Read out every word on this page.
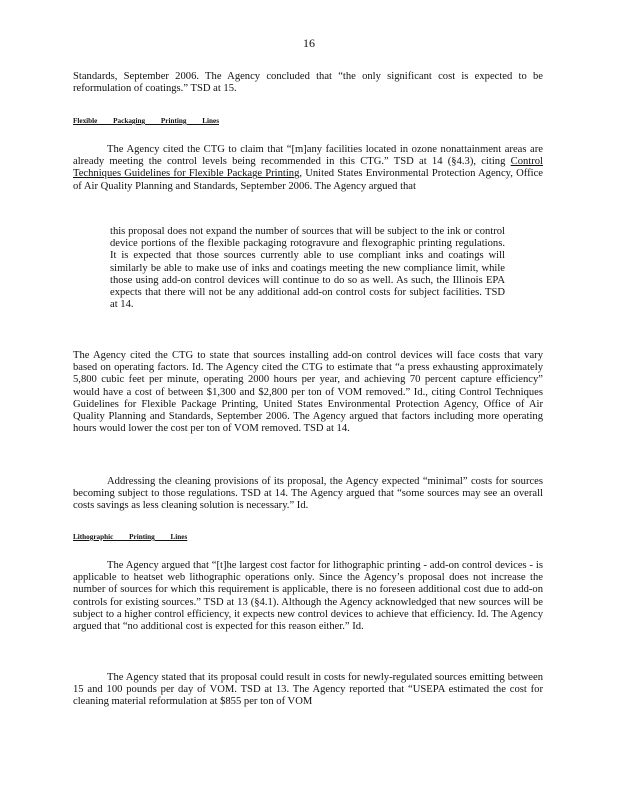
16
Standards, September 2006. The Agency concluded that “the only significant cost is expected to be reformulation of coatings.” TSD at 15.
Flexible Packaging Printing Lines
The Agency cited the CTG to claim that “[m]any facilities located in ozone nonattainment areas are already meeting the control levels being recommended in this CTG.” TSD at 14 (§4.3), citing Control Techniques Guidelines for Flexible Package Printing, United States Environmental Protection Agency, Office of Air Quality Planning and Standards, September 2006. The Agency argued that
this proposal does not expand the number of sources that will be subject to the ink or control device portions of the flexible packaging rotogravure and flexographic printing regulations. It is expected that those sources currently able to use compliant inks and coatings will similarly be able to make use of inks and coatings meeting the new compliance limit, while those using add-on control devices will continue to do so as well. As such, the Illinois EPA expects that there will not be any additional add-on control costs for subject facilities. TSD at 14.
The Agency cited the CTG to state that sources installing add-on control devices will face costs that vary based on operating factors. Id. The Agency cited the CTG to estimate that “a press exhausting approximately 5,800 cubic feet per minute, operating 2000 hours per year, and achieving 70 percent capture efficiency” would have a cost of between $1,300 and $2,800 per ton of VOM removed.” Id., citing Control Techniques Guidelines for Flexible Package Printing, United States Environmental Protection Agency, Office of Air Quality Planning and Standards, September 2006. The Agency argued that factors including more operating hours would lower the cost per ton of VOM removed. TSD at 14.
Addressing the cleaning provisions of its proposal, the Agency expected “minimal” costs for sources becoming subject to those regulations. TSD at 14. The Agency argued that “some sources may see an overall costs savings as less cleaning solution is necessary.” Id.
Lithographic Printing Lines
The Agency argued that “[t]he largest cost factor for lithographic printing - add-on control devices - is applicable to heatset web lithographic operations only. Since the Agency’s proposal does not increase the number of sources for which this requirement is applicable, there is no foreseen additional cost due to add-on controls for existing sources.” TSD at 13 (§4.1). Although the Agency acknowledged that new sources will be subject to a higher control efficiency, it expects new control devices to achieve that efficiency. Id. The Agency argued that “no additional cost is expected for this reason either.” Id.
The Agency stated that its proposal could result in costs for newly-regulated sources emitting between 15 and 100 pounds per day of VOM. TSD at 13. The Agency reported that “USEPA estimated the cost for cleaning material reformulation at $855 per ton of VOM
